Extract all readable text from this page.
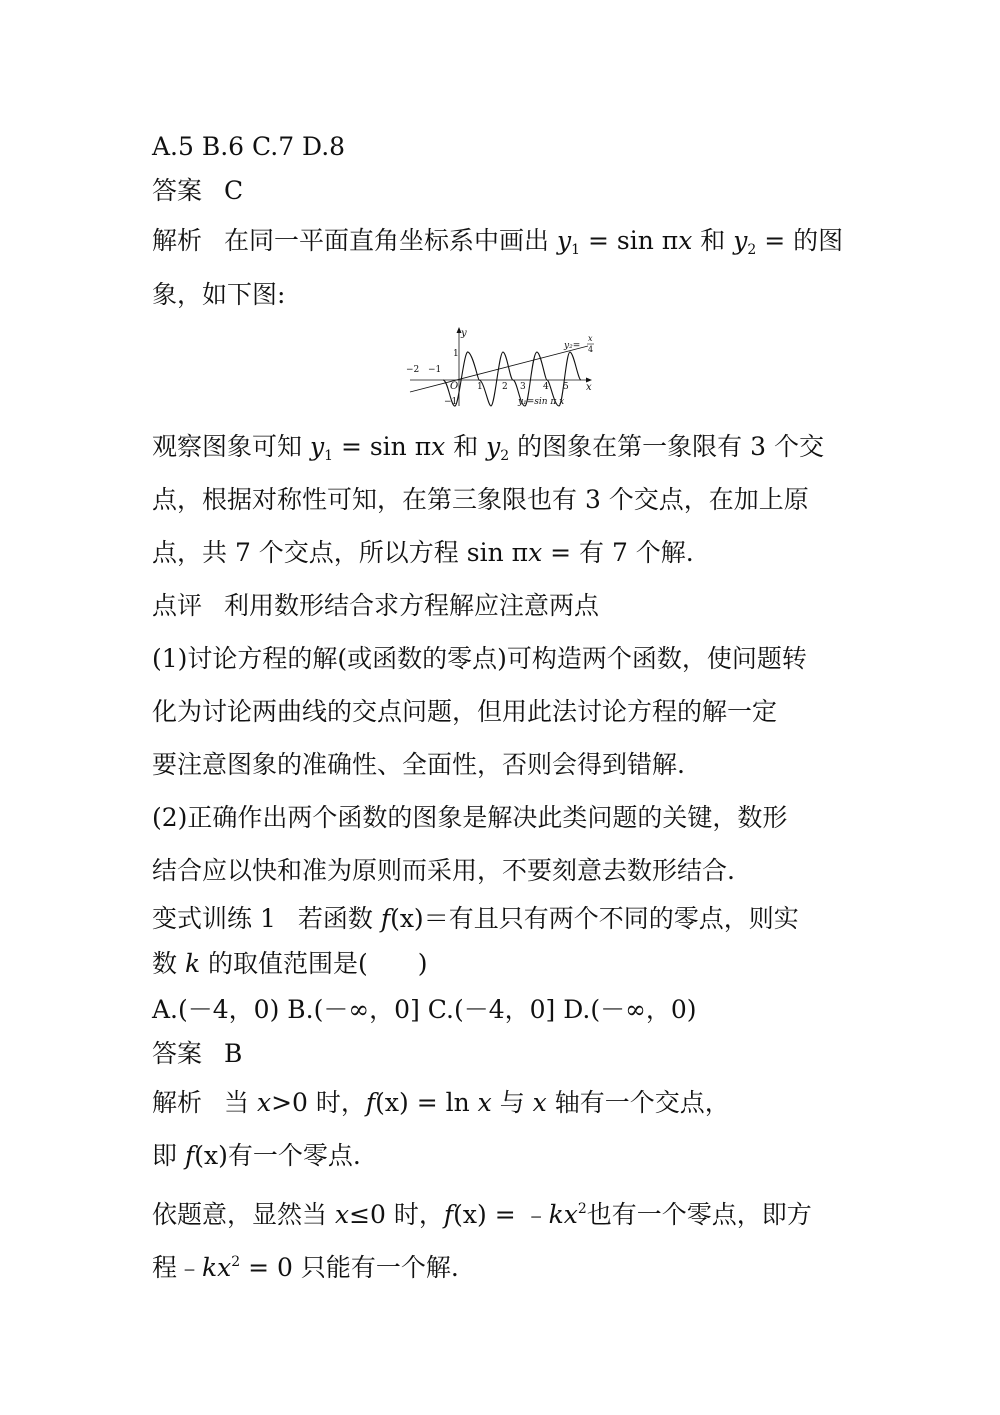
A.5 B.6 C.7 D.8
答案 C
解析 在同一平面直角坐标系中画出 $y_1 = \sin \pi x$ 和 $y_2$ = 的图
象，如下图:
y
x
O
1
−1
−2 −1
1 2 3 4 5
y₂=
x
4
y₁=sin π x
观察图象可知 $y_1 = \sin \pi x$ 和 $y_2$ 的图象在第一象限有 3 个交
点，根据对称性可知，在第三象限也有 3 个交点，在加上原
点，共 7 个交点，所以方程 sin πx = 有 7 个解.
点评 利用数形结合求方程解应注意两点
(1)讨论方程的解(或函数的零点)可构造两个函数，使问题转
化为讨论两曲线的交点问题，但用此法讨论方程的解一定
要注意图象的准确性、全面性，否则会得到错解.
(2)正确作出两个函数的图象是解决此类问题的关键，数形
结合应以快和准为原则而采用，不要刻意去数形结合.
变式训练 1 若函数 f(x)＝有且只有两个不同的零点，则实
数 k 的取值范围是(　　)
A.(－4，0) B.(－∞，0] C.(－4，0] D.(－∞，0)
答案 B
解析 当 x>0 时，f(x) = ln x 与 x 轴有一个交点，
即 f(x)有一个零点.
依题意，显然当 x≤0 时，$f(x) = ﹣kx^2$也有一个零点，即方
程$﹣kx^2 = 0$ 只能有一个解.
